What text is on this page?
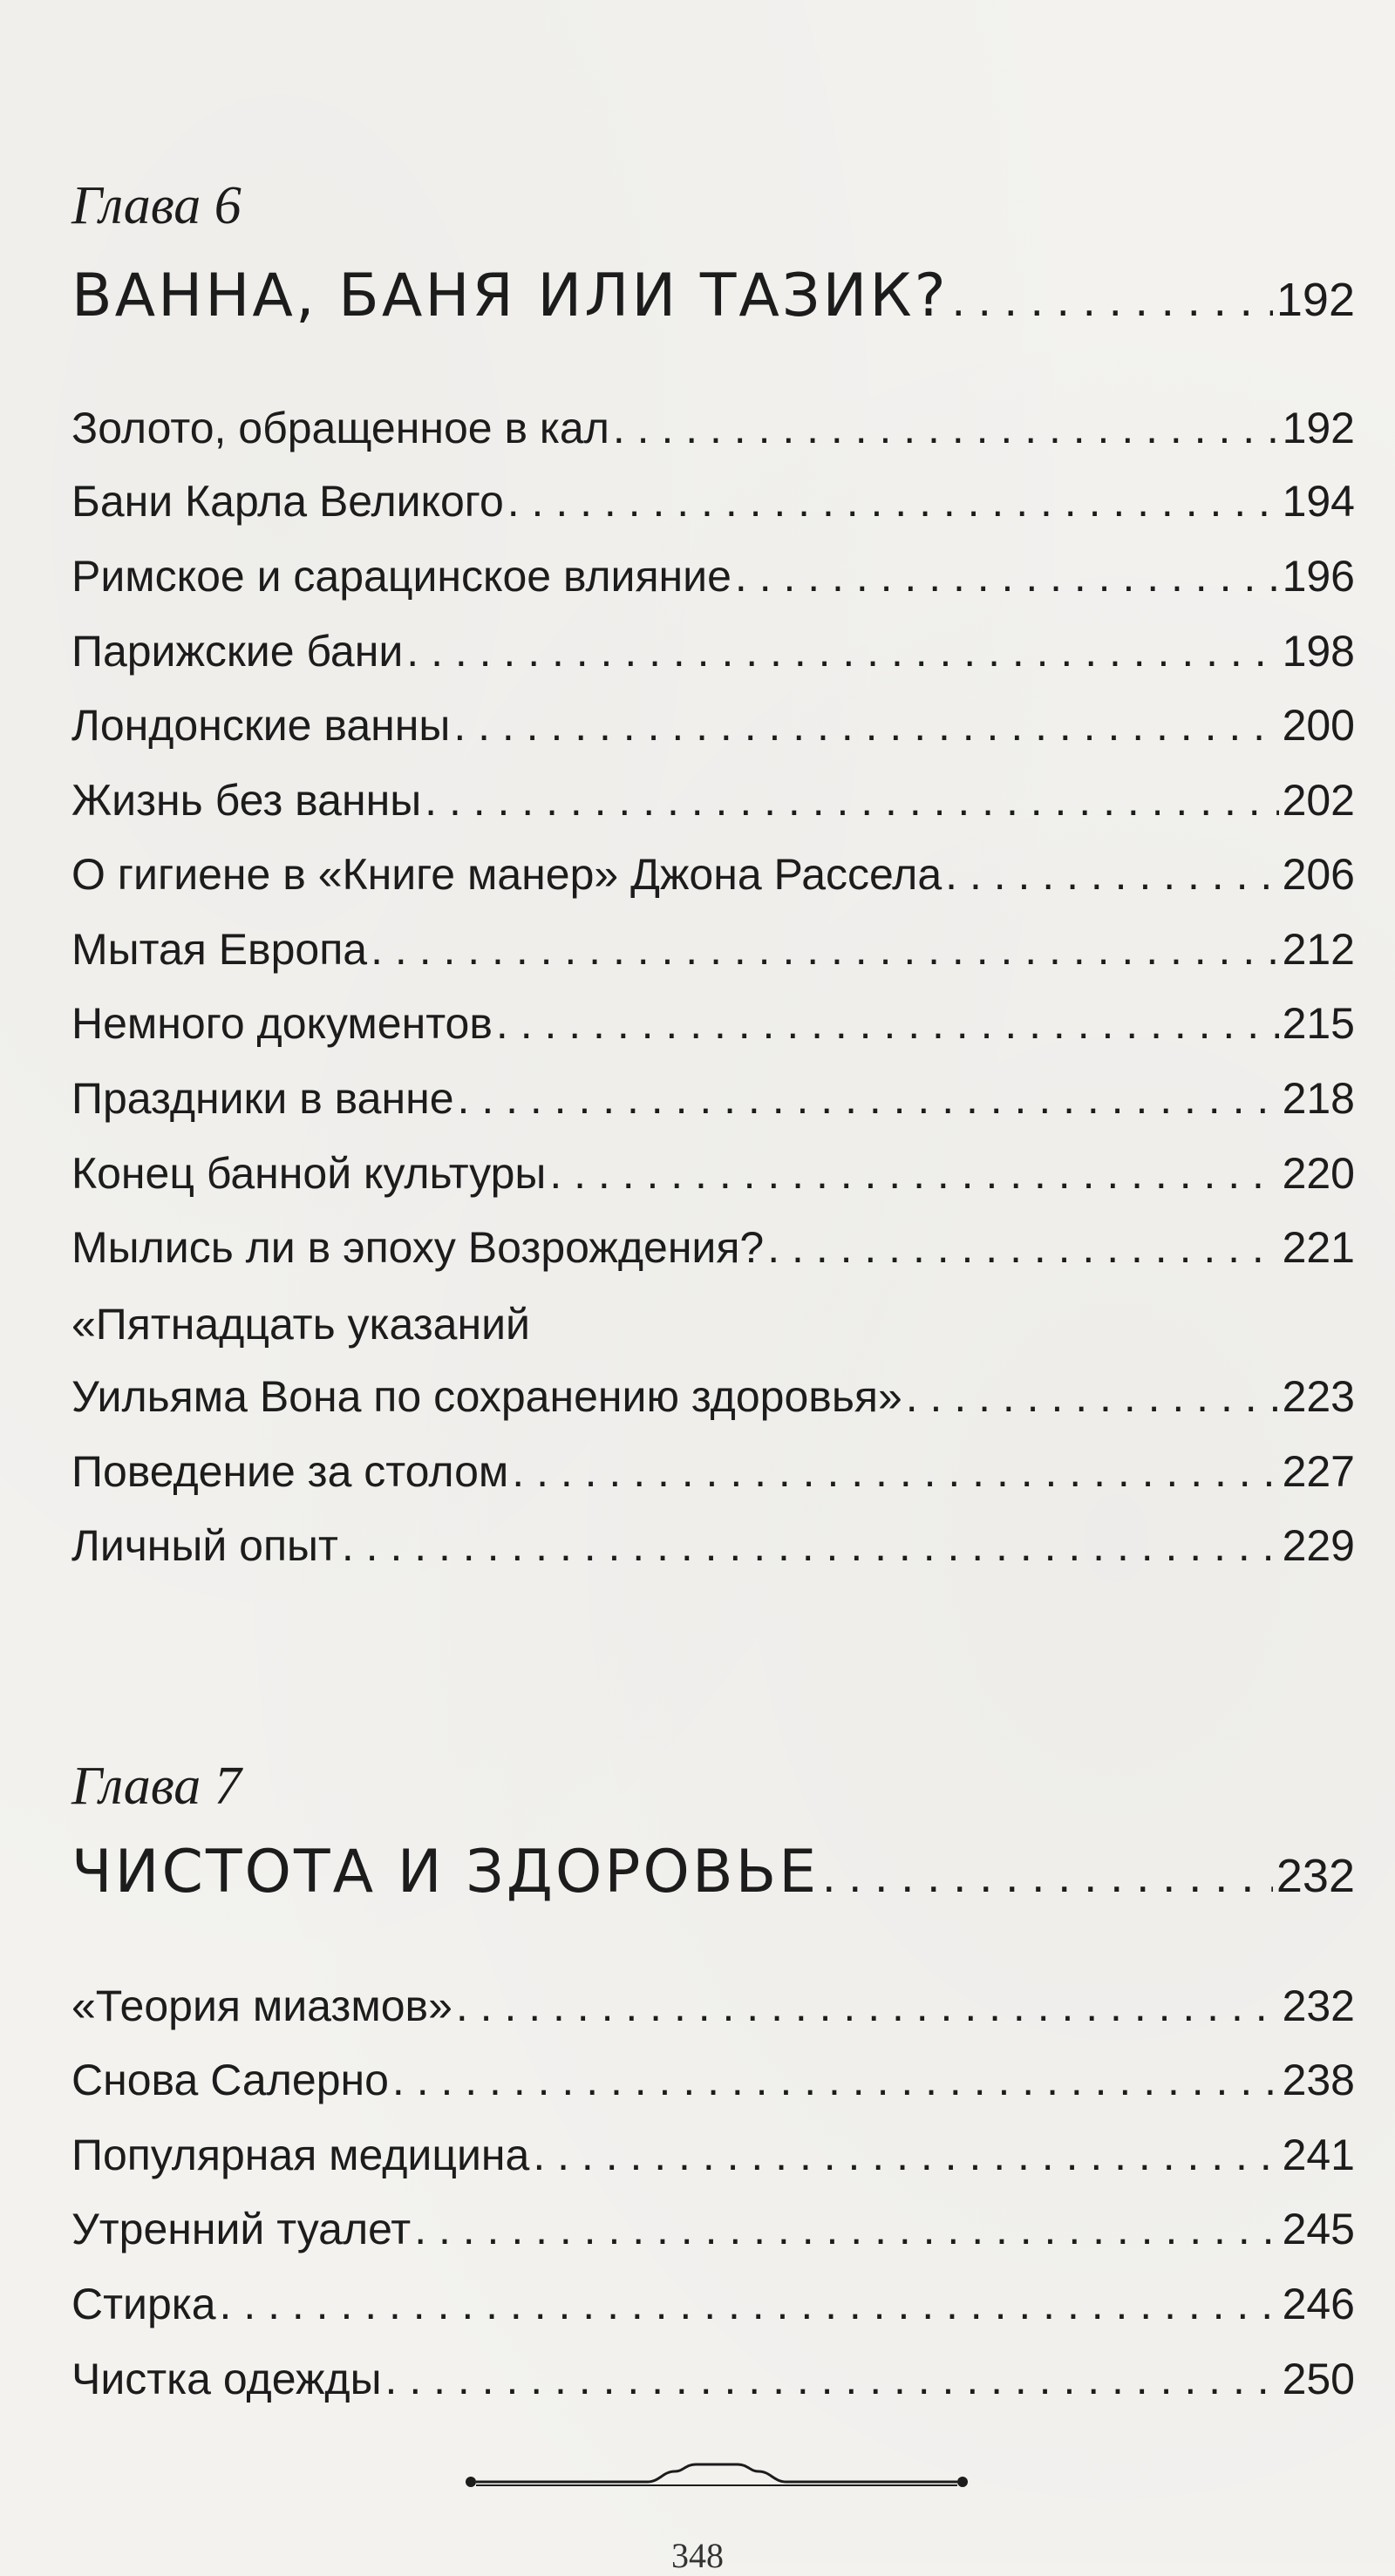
Глава 6
ВАННА, БАНЯ ИЛИ ТАЗИК? . . .	192
Золото, обращенное в кал . . .	192
Бани Карла Великого . . .	194
Римское и сарацинское влияние . . .	196
Парижские бани . . .	198
Лондонские ванны . . .	200
Жизнь без ванны . . .	202
О гигиене в «Книге манер» Джона Рассела . . .	206
Мытая Европа . . .	212
Немного документов . . .	215
Праздники в ванне . . .	218
Конец банной культуры . . .	220
Мылись ли в эпоху Возрождения? . . .	221
«Пятнадцать указаний
Уильяма Вона по сохранению здоровья» . . .	223
Поведение за столом . . .	227
Личный опыт . . .	229
Глава 7
ЧИСТОТА И ЗДОРОВЬЕ . . .	232
«Теория миазмов» . . .	232
Снова Салерно . . .	238
Популярная медицина . . .	241
Утренний туалет . . .	245
Стирка . . .	246
Чистка одежды . . .	250
348
